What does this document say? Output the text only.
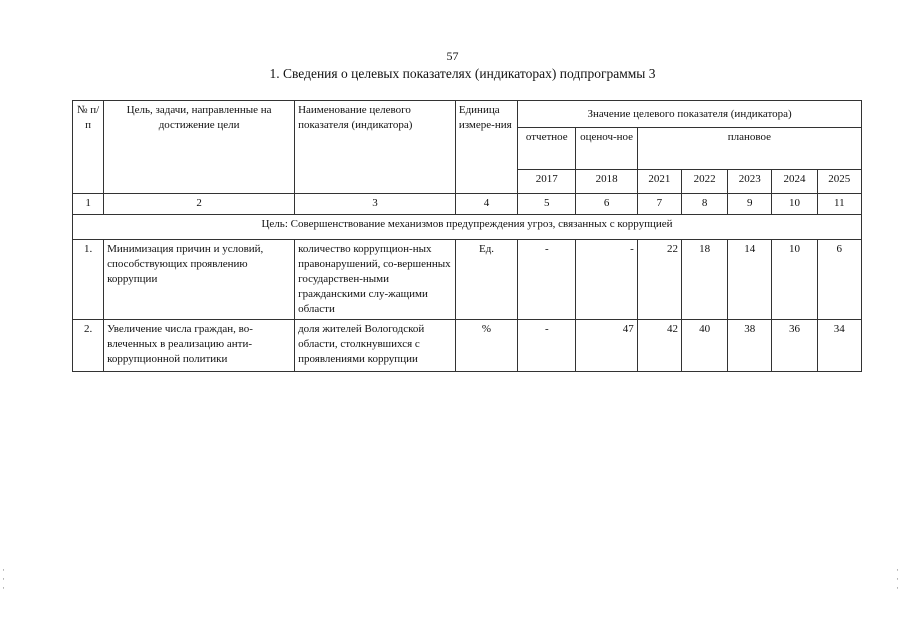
57
1. Сведения о целевых показателях (индикаторах) подпрограммы 3
№ п/п	Цель, задачи, направленные на достижение цели	Наименование целевого показателя (индикатора)	Единица измере-ния	Значение целевого показателя (индикатора)						
				отчетное	оценоч-ное	плановое				
				2017	2018	2021	2022	2023	2024	2025
1	2	3	4	5	6	7	8	9	10	11
Цель: Совершенствование механизмов предупреждения угроз, связанных с коррупцией										
1.	Минимизация причин и условий, способствующих проявлению коррупции	количество коррупцион-ных правонарушений, со-вершенных государствен-ными гражданскими слу-жащими области	Ед.	-	-	22	18	14	10	6
2.	Увеличение числа граждан, во-влеченных в реализацию анти-коррупционной политики	доля жителей Вологодской области, столкнувшихся с проявлениями коррупции	%	-	47	42	40	38	36	34
·
·
·
·
·
·
